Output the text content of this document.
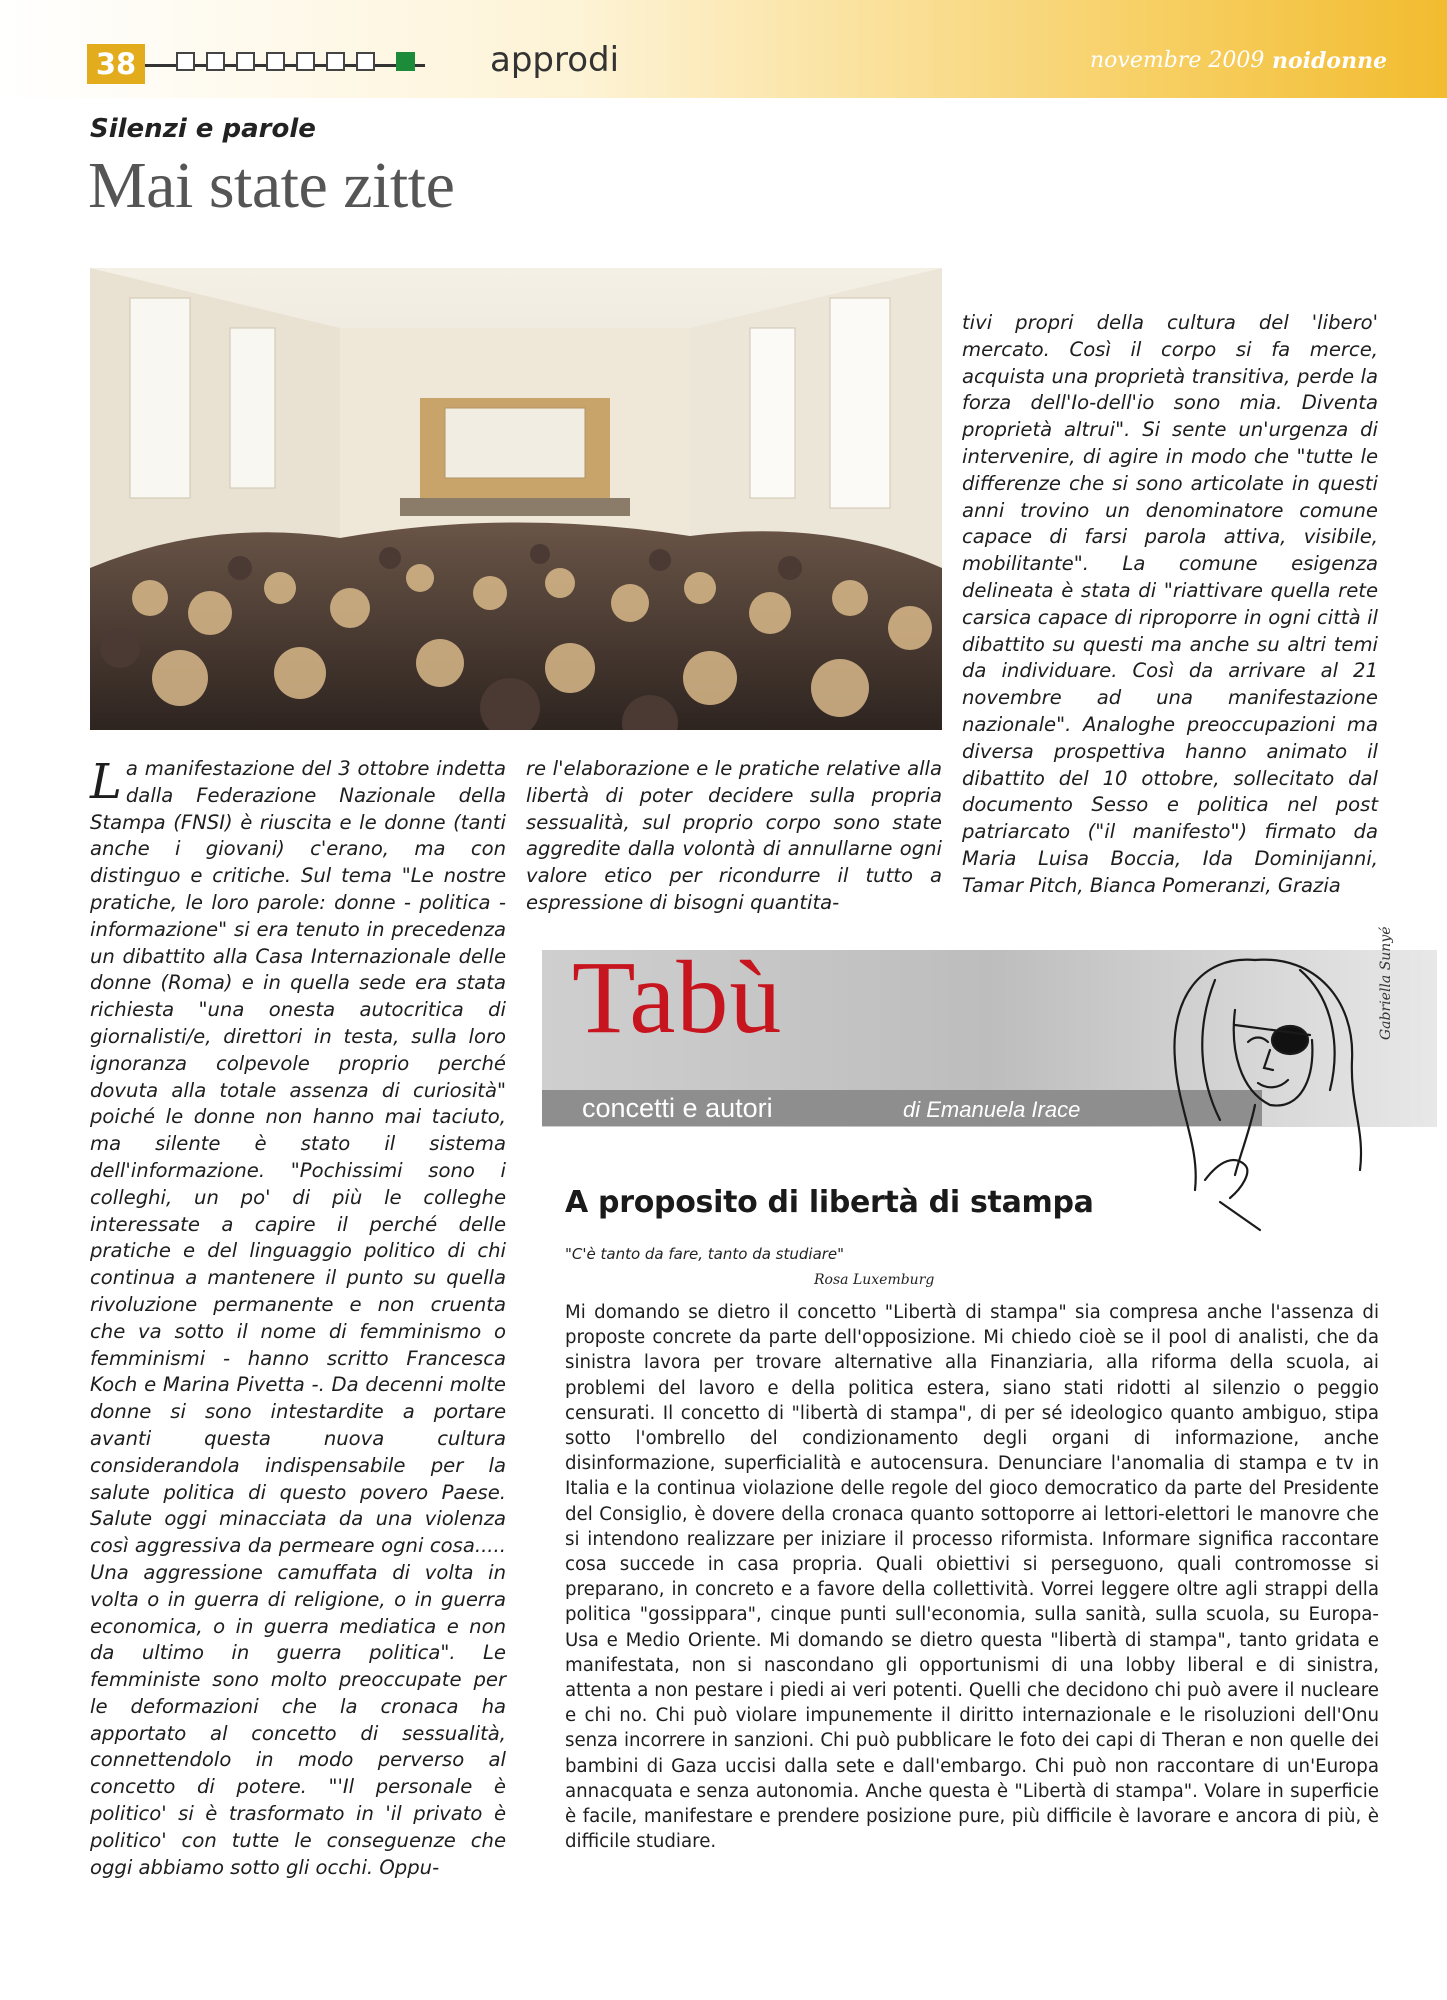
38	approdi	novembre 2009 noidonne
Silenzi e parole
Mai state zitte
L a manifestazione del 3 ottobre indetta dalla Federazione Nazionale della Stampa (FNSI) è riuscita e le donne (tanti anche i giovani) c'erano, ma con distinguo e critiche. Sul tema "Le nostre pratiche, le loro parole: donne - politica - informazione" si era tenuto in precedenza un dibattito alla Casa Internazionale delle donne (Roma) e in quella sede era stata richiesta "una onesta autocritica di giornalisti/e, direttori in testa, sulla loro ignoranza colpevole proprio perché dovuta alla totale assenza di curiosità" poiché le donne non hanno mai taciuto, ma silente è stato il sistema dell'informazione. "Pochissimi sono i colleghi, un po' di più le colleghe interessate a capire il perché delle pratiche e del linguaggio politico di chi continua a mantenere il punto su quella rivoluzione permanente e non cruenta che va sotto il nome di femminismo o femminismi - hanno scritto Francesca Koch e Marina Pivetta -. Da decenni molte donne si sono intestardite a portare avanti questa nuova cultura considerandola indispensabile per la salute politica di questo povero Paese. Salute oggi minacciata da una violenza così aggressiva da permeare ogni cosa..... Una aggressione camuffata di volta in volta o in guerra di religione, o in guerra economica, o in guerra mediatica e non da ultimo in guerra politica". Le femministe sono molto preoccupate per le deformazioni che la cronaca ha apportato al concetto di sessualità, connettendolo in modo perverso al concetto di potere. "'Il personale è politico' si è trasformato in 'il privato è politico' con tutte le conseguenze che oggi abbiamo sotto gli occhi. Oppu-
re l'elaborazione e le pratiche relative alla libertà di poter decidere sulla propria sessualità, sul proprio corpo sono state aggredite dalla volontà di annullarne ogni valore etico per ricondurre il tutto a espressione di bisogni quantita-
tivi propri della cultura del 'libero' mercato. Così il corpo si fa merce, acquista una proprietà transitiva, perde la forza dell'Io-dell'io sono mia. Diventa proprietà altrui". Si sente un'urgenza di intervenire, di agire in modo che "tutte le differenze che si sono articolate in questi anni trovino un denominatore comune capace di farsi parola attiva, visibile, mobilitante". La comune esigenza delineata è stata di "riattivare quella rete carsica capace di riproporre in ogni città il dibattito su questi ma anche su altri temi da individuare. Così da arrivare al 21 novembre ad una manifestazione nazionale". Analoghe preoccupazioni ma diversa prospettiva hanno animato il dibattito del 10 ottobre, sollecitato dal documento Sesso e politica nel post patriarcato ("il manifesto") firmato da Maria Luisa Boccia, Ida Dominijanni, Tamar Pitch, Bianca Pomeranzi, Grazia
Tabù
concetti e autori	di Emanuela Irace
Gabriella Sunyé
A proposito di libertà di stampa
"C'è tanto da fare, tanto da studiare"
Rosa Luxemburg

Mi domando se dietro il concetto "Libertà di stampa" sia compresa anche l'assenza di proposte concrete da parte dell'opposizione. Mi chiedo cioè se il pool di analisti, che da sinistra lavora per trovare alternative alla Finanziaria, alla riforma della scuola, ai problemi del lavoro e della politica estera, siano stati ridotti al silenzio o peggio censurati. Il concetto di "libertà di stampa", di per sé ideologico quanto ambiguo, stipa sotto l'ombrello del condizionamento degli organi di informazione, anche disinformazione, superficialità e autocensura. Denunciare l'anomalia di stampa e tv in Italia e la continua violazione delle regole del gioco democratico da parte del Presidente del Consiglio, è dovere della cronaca quanto sottoporre ai lettori-elettori le manovre che si intendono realizzare per iniziare il processo riformista. Informare significa raccontare cosa succede in casa propria. Quali obiettivi si perseguono, quali contromosse si preparano, in concreto e a favore della collettività. Vorrei leggere oltre agli strappi della politica "gossippara", cinque punti sull'economia, sulla sanità, sulla scuola, su Europa-Usa e Medio Oriente. Mi domando se dietro questa "libertà di stampa", tanto gridata e manifestata, non si nascondano gli opportunismi di una lobby liberal e di sinistra, attenta a non pestare i piedi ai veri potenti. Quelli che decidono chi può avere il nucleare e chi no. Chi può violare impunemente il diritto internazionale e le risoluzioni dell'Onu senza incorrere in sanzioni. Chi può pubblicare le foto dei capi di Theran e non quelle dei bambini di Gaza uccisi dalla sete e dall'embargo. Chi può non raccontare di un'Europa annacquata e senza autonomia. Anche questa è "Libertà di stampa". Volare in superficie è facile, manifestare e prendere posizione pure, più difficile è lavorare e ancora di più, è difficile studiare.
